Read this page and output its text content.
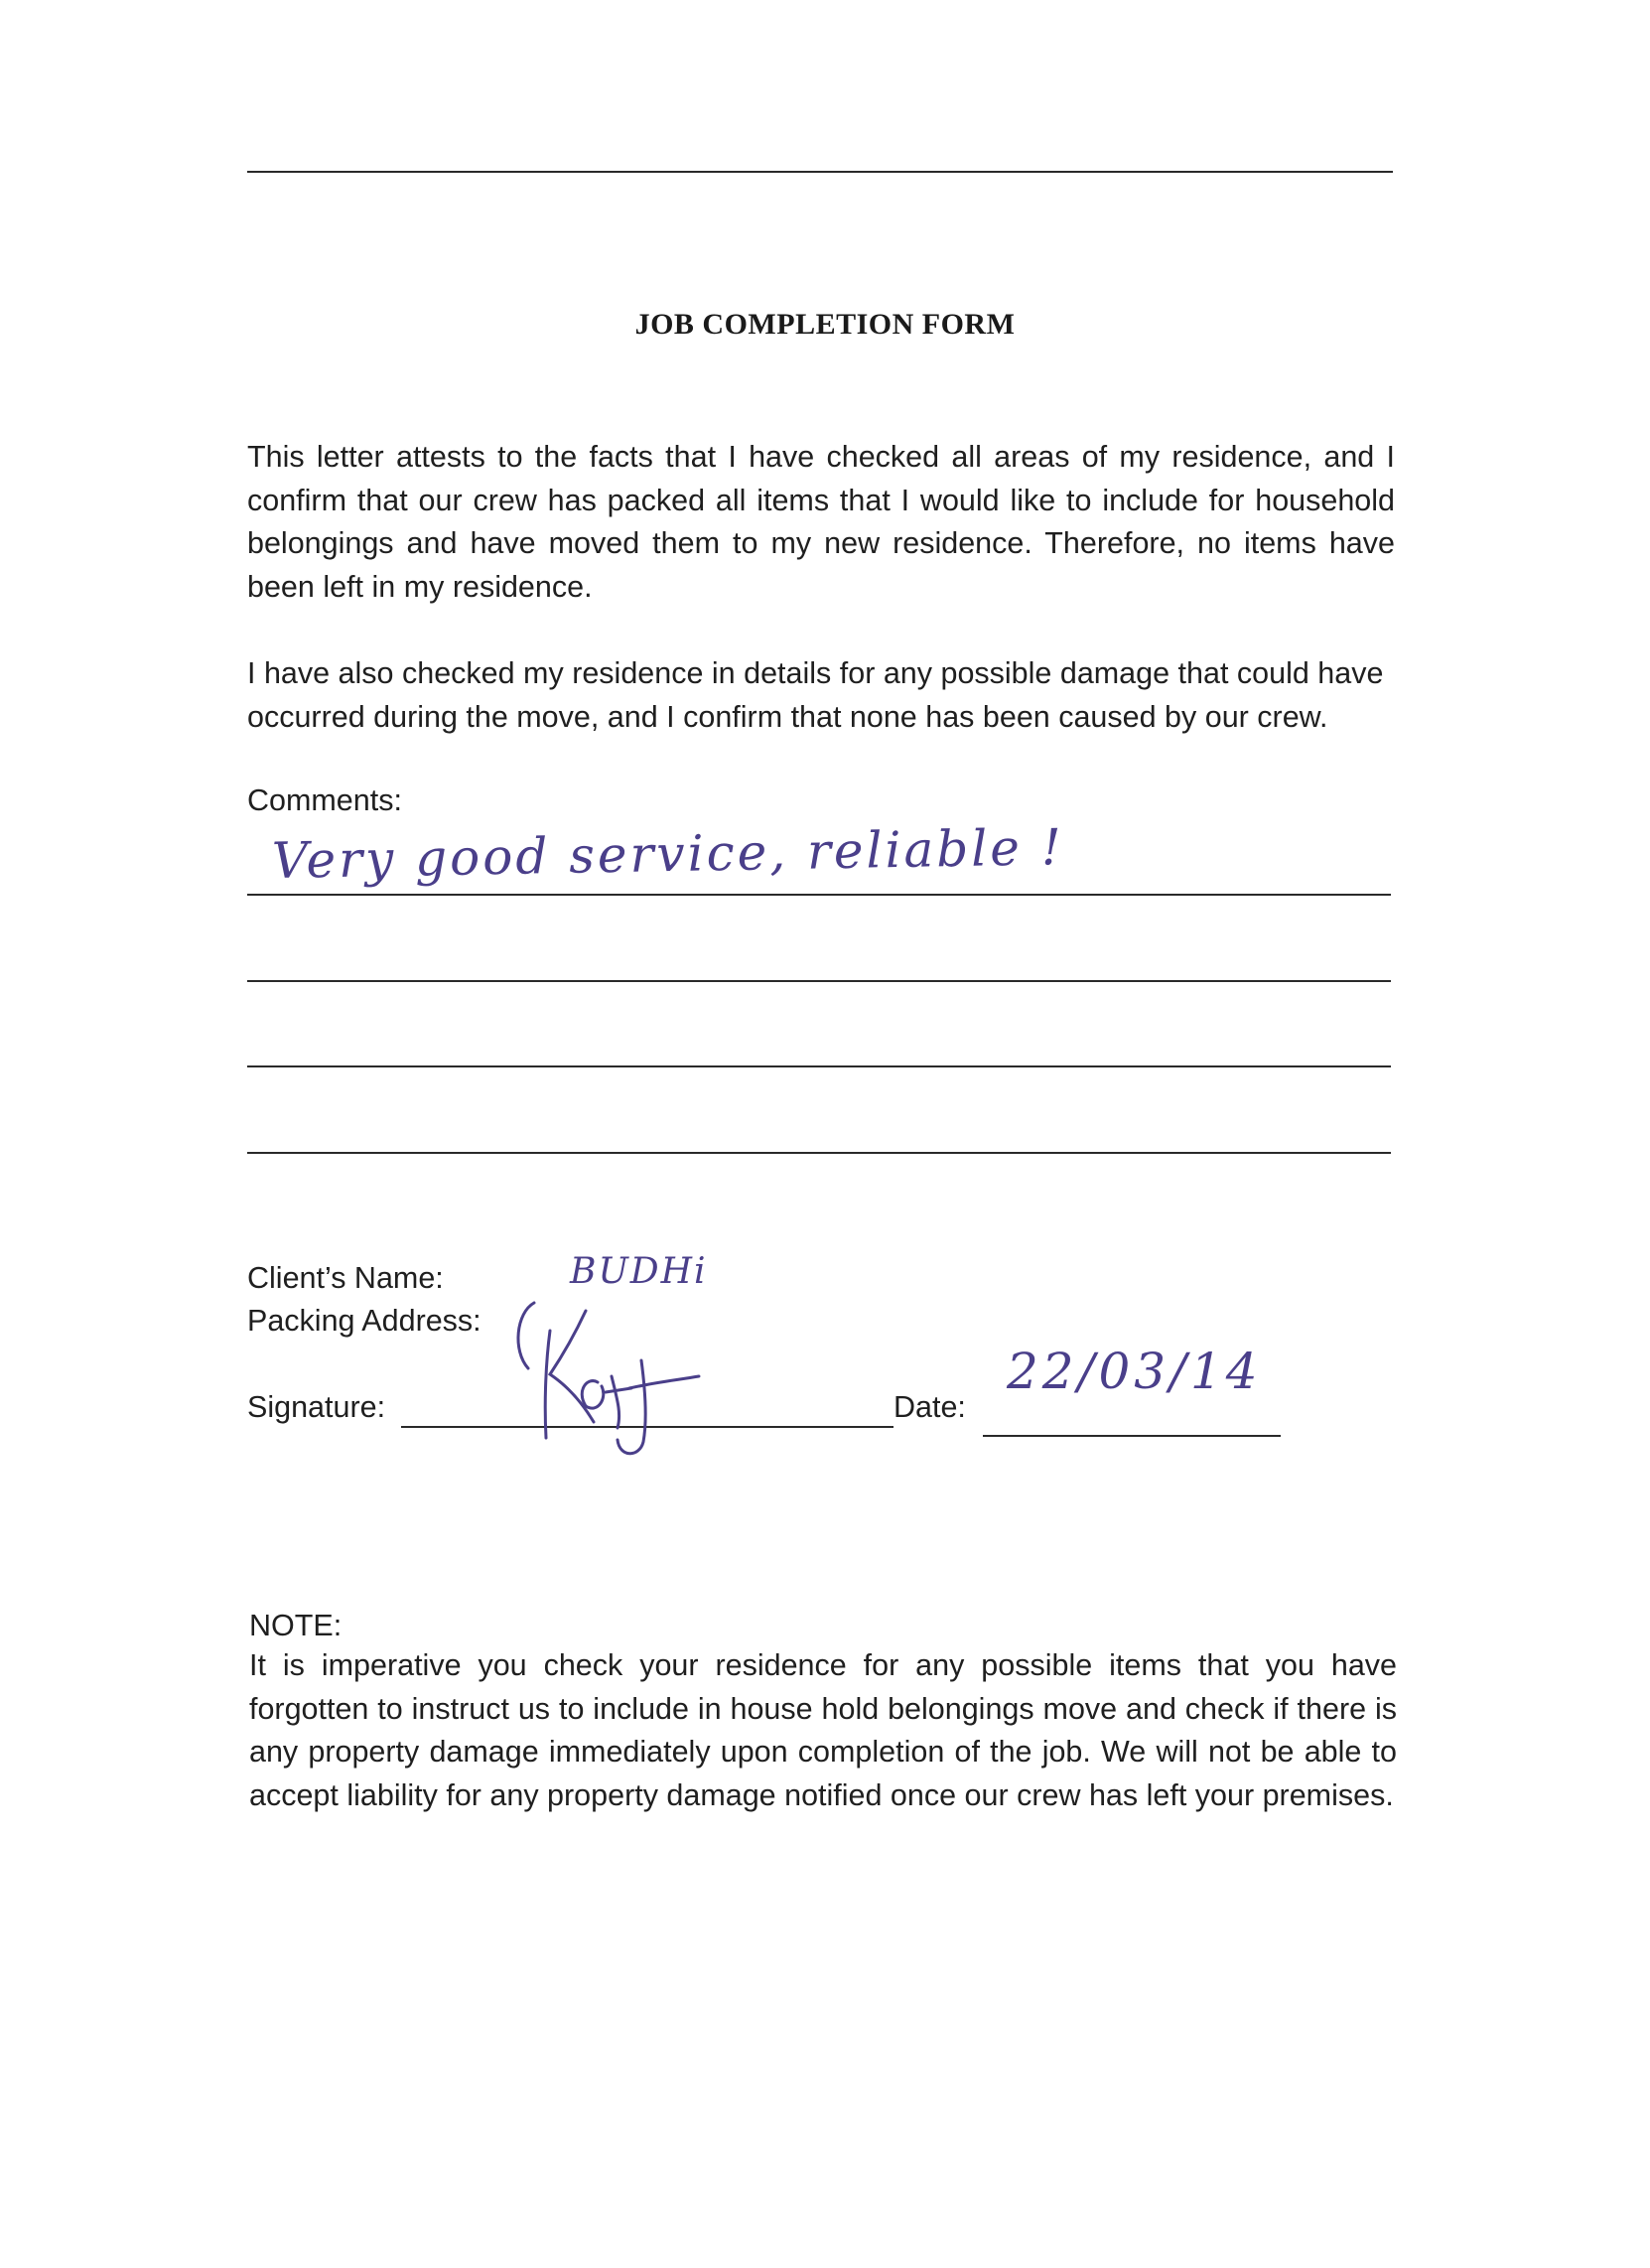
JOB COMPLETION FORM
This letter attests to the facts that I have checked all areas of my residence, and I confirm that our crew has packed all items that I would like to include for household belongings and have moved them to my new residence. Therefore, no items have been left in my residence.
I have also checked my residence in details for any possible damage that could have occurred during the move, and I confirm that none has been caused by our crew.
Comments:
Very good service, reliable !
Client’s Name:	BUDHi
Packing Address:
Signature:	Date:
22/03/14
NOTE:
It is imperative you check your residence for any possible items that you have forgotten to instruct us to include in house hold belongings move and check if there is any property damage immediately upon completion of the job. We will not be able to accept liability for any property damage notified once our crew has left your premises.
